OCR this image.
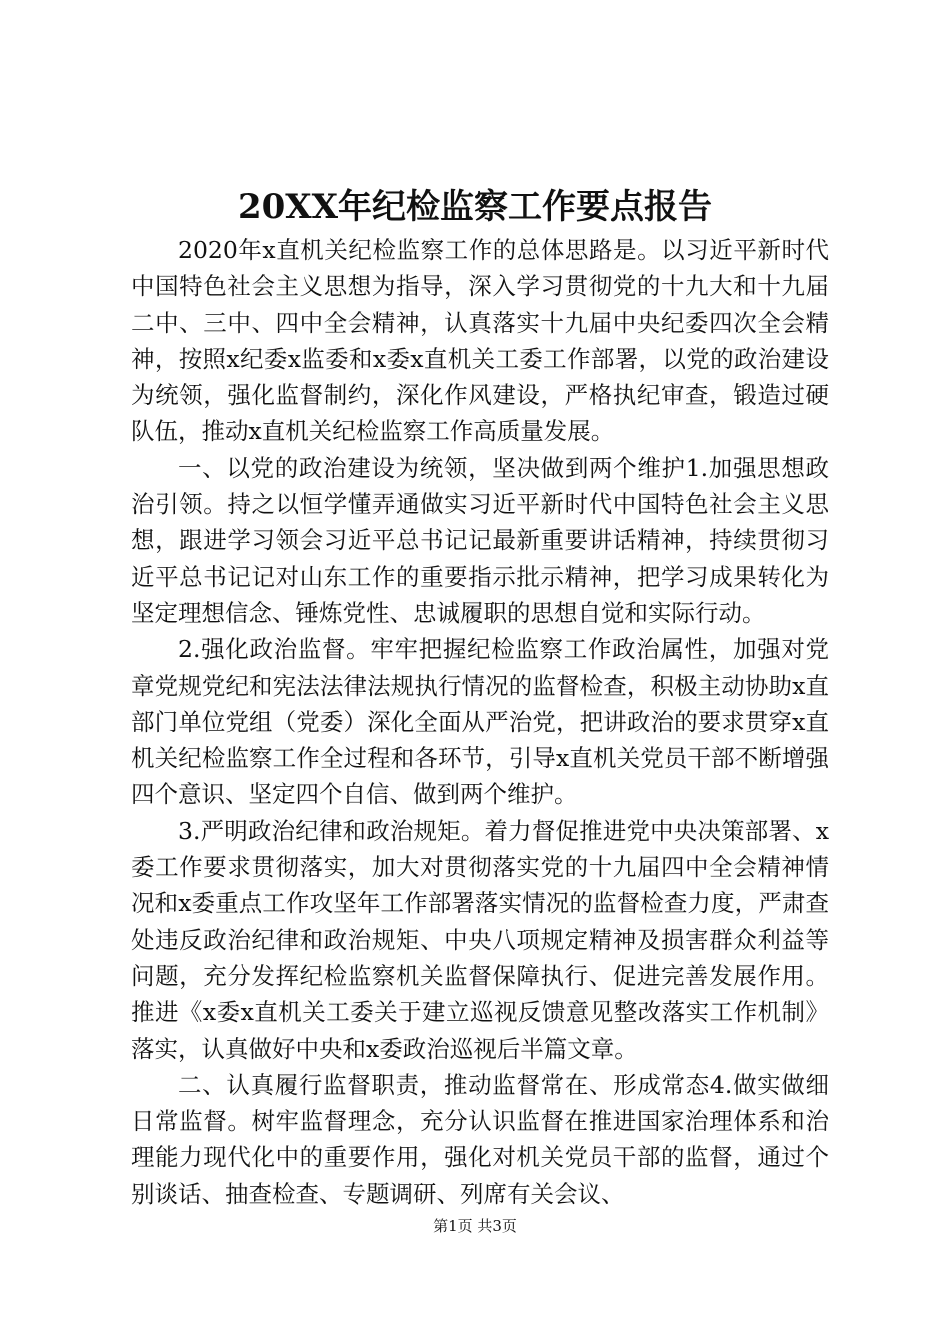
20XX年纪检监察工作要点报告

2020年x直机关纪检监察工作的总体思路是。以习近平新时代中国特色社会主义思想为指导，深入学习贯彻党的十九大和十九届二中、三中、四中全会精神，认真落实十九届中央纪委四次全会精神，按照x纪委x监委和x委x直机关工委工作部署，以党的政治建设为统领，强化监督制约，深化作风建设，严格执纪审查，锻造过硬队伍，推动x直机关纪检监察工作高质量发展。

一、以党的政治建设为统领，坚决做到两个维护1.加强思想政治引领。持之以恒学懂弄通做实习近平新时代中国特色社会主义思想，跟进学习领会习近平总书记记最新重要讲话精神，持续贯彻习近平总书记记对山东工作的重要指示批示精神，把学习成果转化为坚定理想信念、锤炼党性、忠诚履职的思想自觉和实际行动。

2.强化政治监督。牢牢把握纪检监察工作政治属性，加强对党章党规党纪和宪法法律法规执行情况的监督检查，积极主动协助x直部门单位党组（党委）深化全面从严治党，把讲政治的要求贯穿x直机关纪检监察工作全过程和各环节，引导x直机关党员干部不断增强四个意识、坚定四个自信、做到两个维护。

3.严明政治纪律和政治规矩。着力督促推进党中央决策部署、x委工作要求贯彻落实，加大对贯彻落实党的十九届四中全会精神情况和x委重点工作攻坚年工作部署落实情况的监督检查力度，严肃查处违反政治纪律和政治规矩、中央八项规定精神及损害群众利益等问题，充分发挥纪检监察机关监督保障执行、促进完善发展作用。推进《x委x直机关工委关于建立巡视反馈意见整改落实工作机制》落实，认真做好中央和x委政治巡视后半篇文章。

二、认真履行监督职责，推动监督常在、形成常态4.做实做细日常监督。树牢监督理念，充分认识监督在推进国家治理体系和治理能力现代化中的重要作用，强化对机关党员干部的监督，通过个别谈话、抽查检查、专题调研、列席有关会议、

第1页 共3页
